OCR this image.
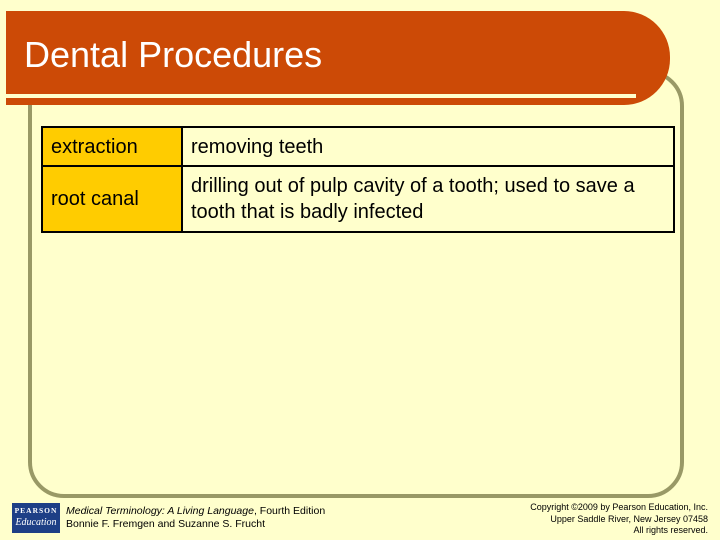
Dental Procedures
extraction	removing teeth
root canal	drilling out of pulp cavity of a tooth; used to save a tooth that is badly infected
PEARSON
Education
Medical Terminology: A Living Language, Fourth Edition
Bonnie F. Fremgen and Suzanne S. Frucht
Copyright ©2009 by Pearson Education, Inc.
Upper Saddle River, New Jersey 07458
All rights reserved.
